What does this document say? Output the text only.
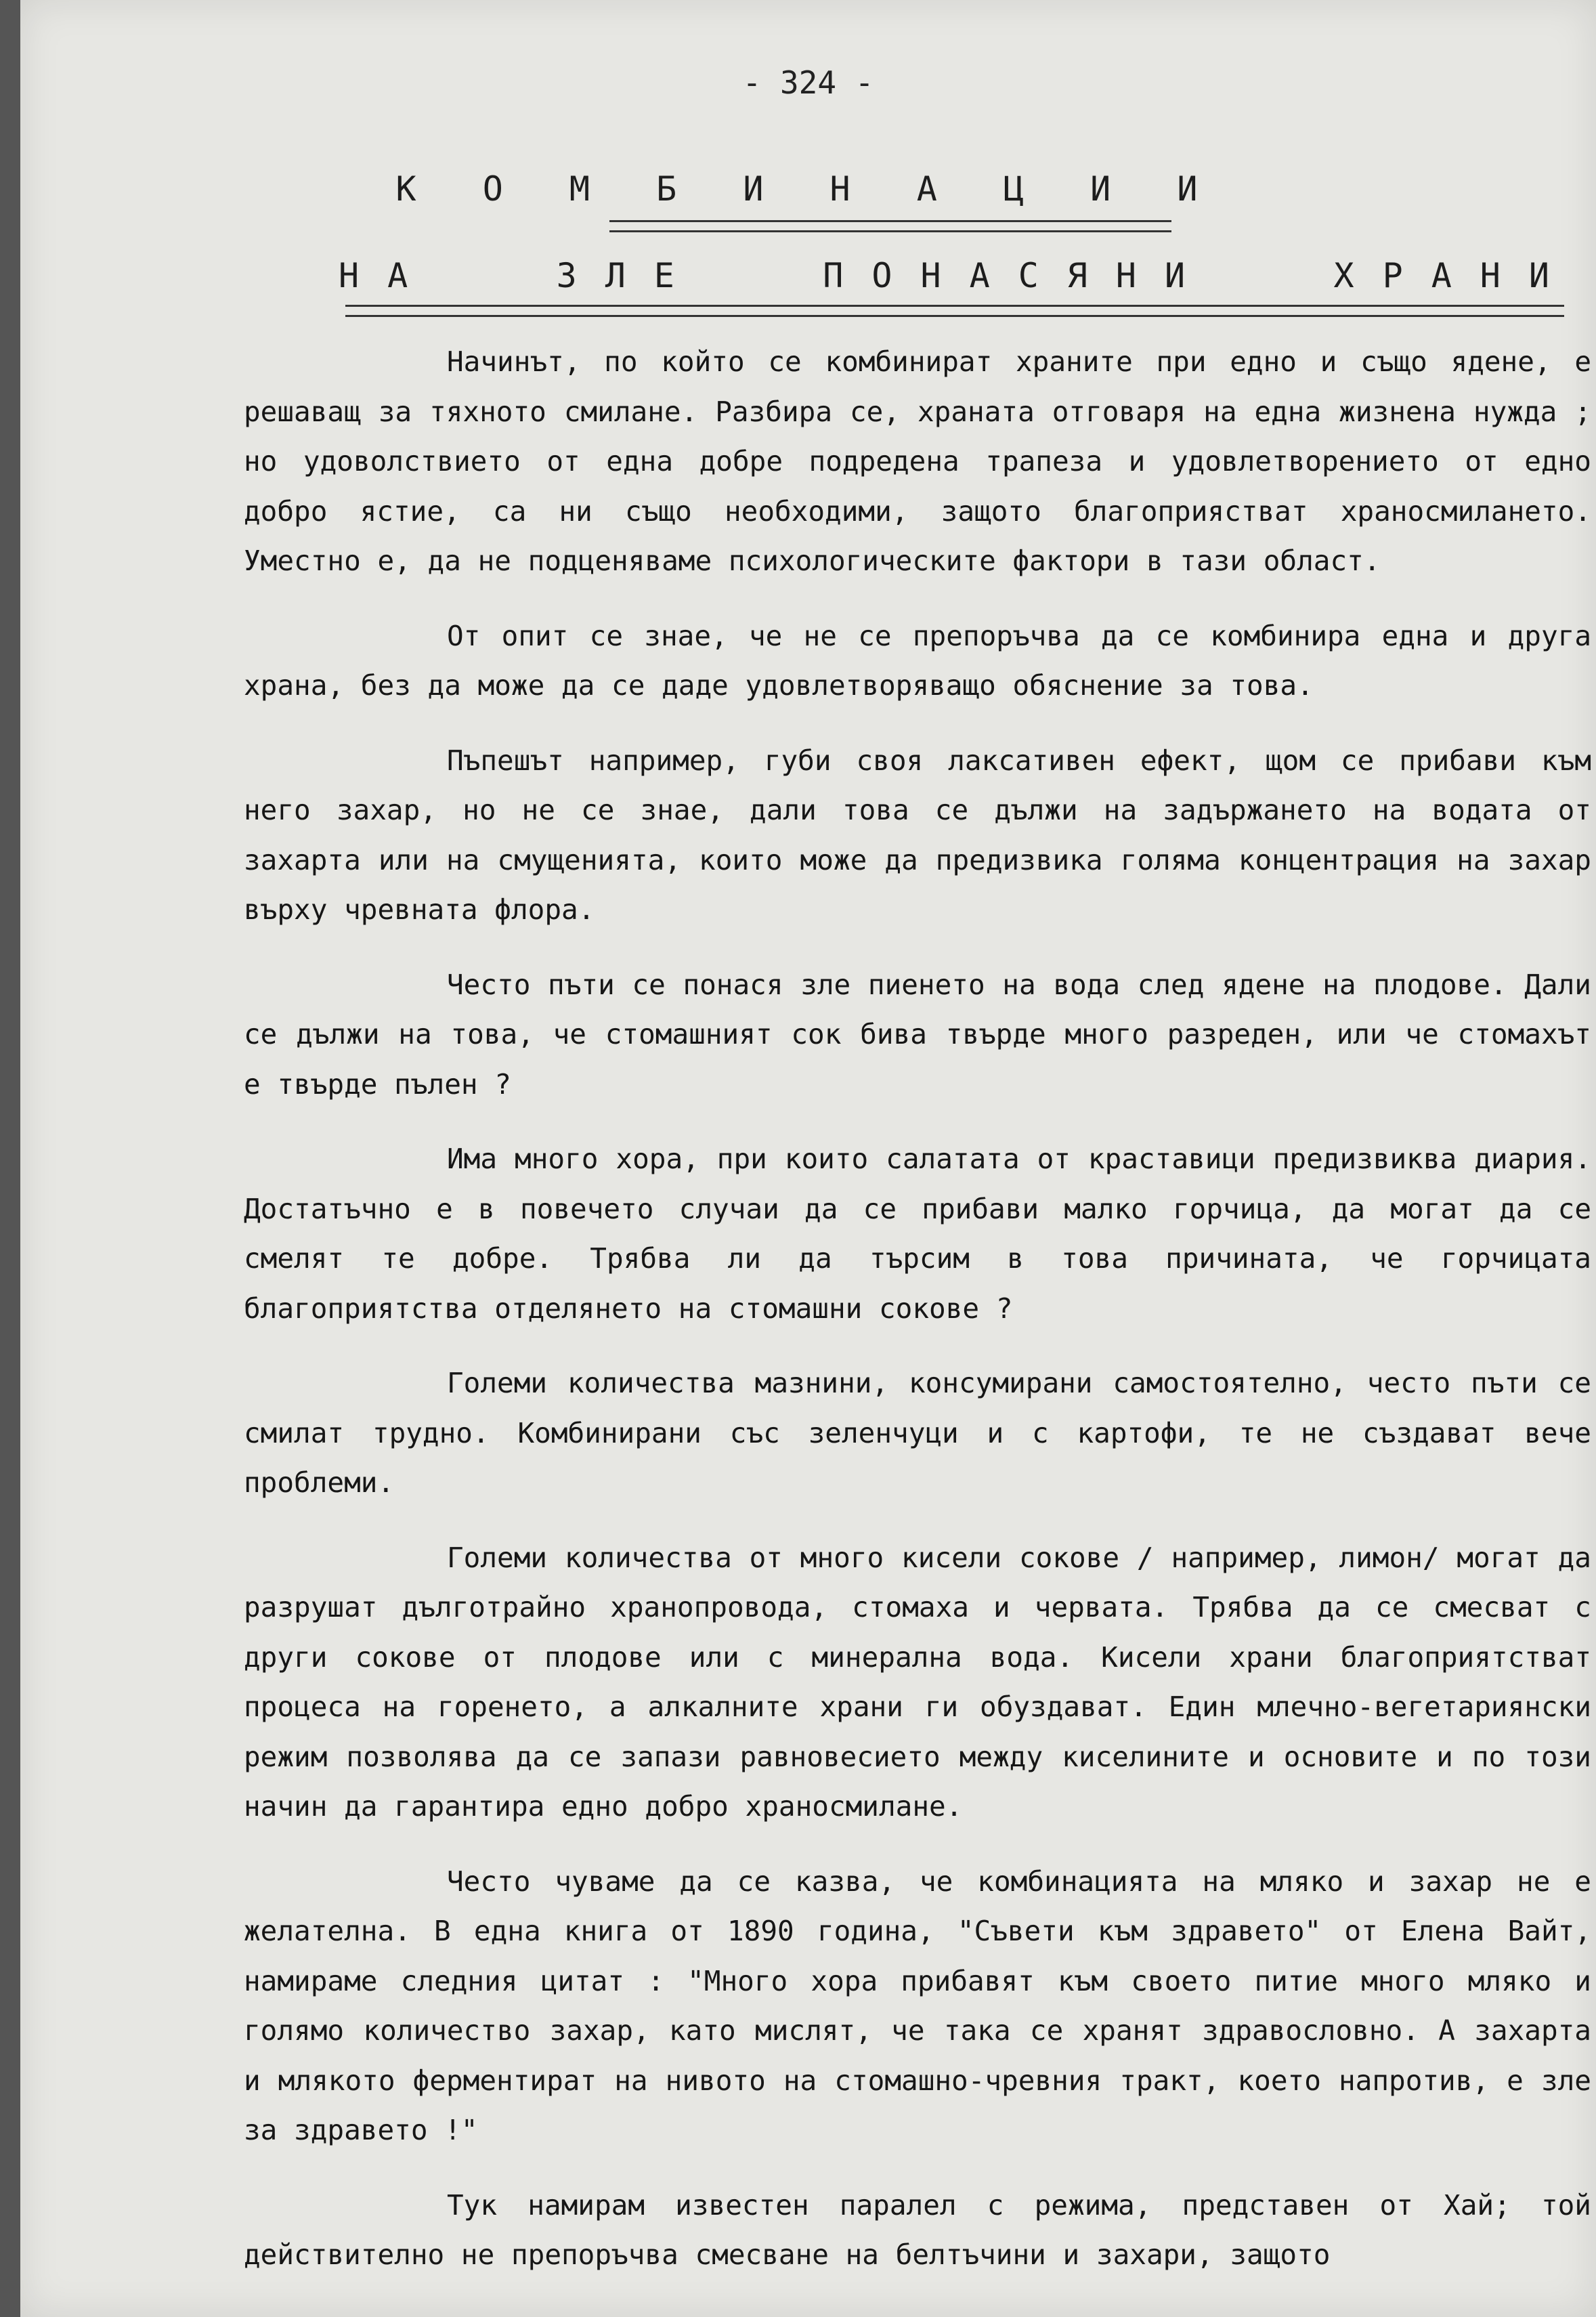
- 324 -
К О М Б И Н А Ц И И
НА	ЗЛЕ	ПОНАСЯНИ	ХРАНИ

Начинът, по който се комбинират храните при едно и също ядене, е решаващ за тяхното смилане. Разбира се, храната отговаря на една жизнена нужда ; но удоволствието от една добре подредена трапеза и удовлетворението от едно добро ястие, са ни също необходими, защото благоприястват храносмилането. Уместно е, да не подценяваме психологическите фактори в тази област.

От опит се знае, че не се препоръчва да се комбинира една и друга храна, без да може да се даде удовлетворяващо обяснение за това.

Пъпешът например, губи своя лаксативен ефект, щом се прибави към него захар, но не се знае, дали това се дължи на задържането на водата от захарта или на смущенията, които може да предизвика голяма концентрация на захар върху чревната флора.

Често пъти се понася зле пиенето на вода след ядене на плодове. Дали се дължи на това, че стомашният сок бива твърде много разреден, или че стомахът е твърде пълен ?

Има много хора, при които салатата от краставици предизвиква диария. Достатъчно е в повечето случаи да се прибави малко горчица, да могат да се смелят те добре. Трябва ли да търсим в това причината, че горчицата благоприятства отделянето на стомашни сокове ?

Големи количества мазнини, консумирани самостоятелно, често пъти се смилат трудно. Комбинирани със зеленчуци и с картофи, те не създават вече проблеми.

Големи количества от много кисели сокове / например, лимон/ могат да разрушат дълготрайно хранопровода, стомаха и червата. Трябва да се смесват с други сокове от плодове или с минерална вода. Кисели храни благоприятстват процеса на горенето, а алкалните храни ги обуздават. Един млечно-вегетариянски режим позволява да се запази равновесието между киселините и основите и по този начин да гарантира едно добро храносмилане.

Често чуваме да се казва, че комбинацията на мляко и захар не е желателна. В една книга от 1890 година, "Съвети към здравето" от Елена Вайт, намираме следния цитат : "Много хора прибавят към своето питие много мляко и голямо количество захар, като мислят, че така се хранят здравословно. А захарта и млякото ферментират на нивото на стомашно-чревния тракт, което напротив, е зле за здравето !"

Тук намирам известен паралел с режима, представен от Хай; той действително не препоръчва смесване на белтъчини и захари, защото
